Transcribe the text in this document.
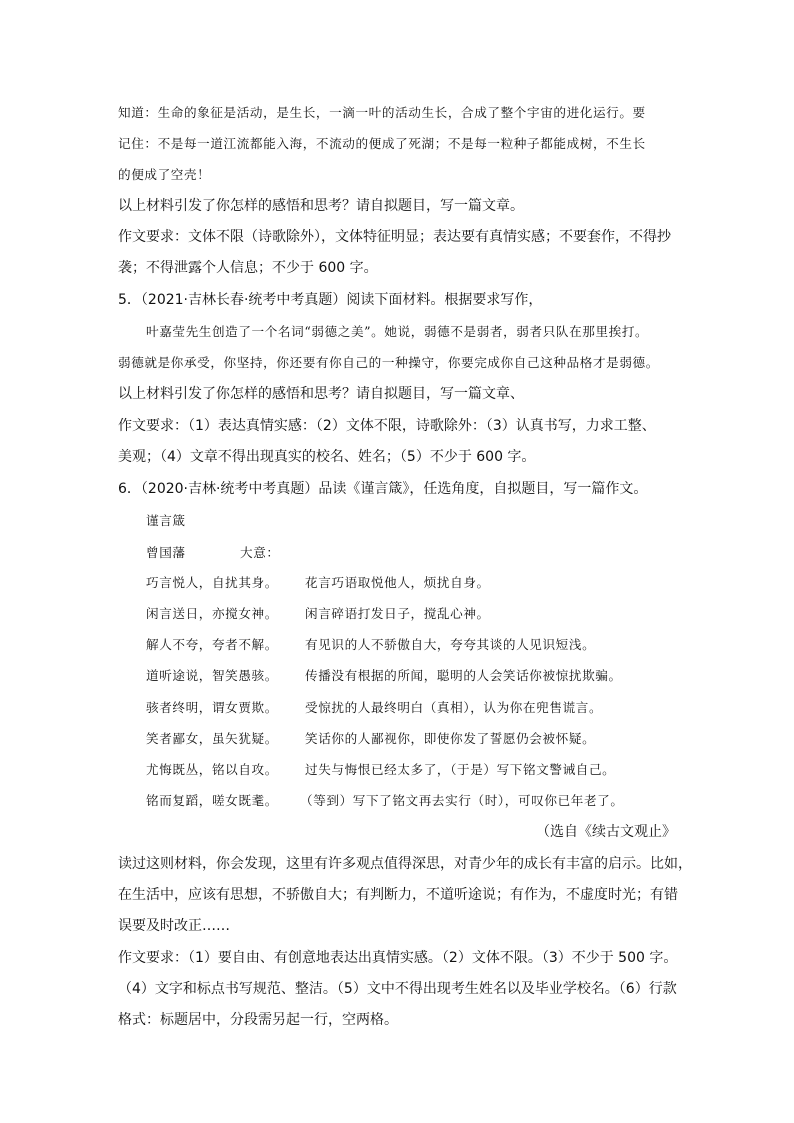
知道：生命的象征是活动，是生长，一滴一叶的活动生长，合成了整个宇宙的进化运行。要
记住：不是每一道江流都能入海，不流动的便成了死湖；不是每一粒种子都能成树，不生长
的便成了空壳！
以上材料引发了你怎样的感悟和思考？请自拟题目，写一篇文章。
作文要求：文体不限（诗歌除外），文体特征明显；表达要有真情实感；不要套作，不得抄
袭；不得泄露个人信息；不少于 600 字。
5．（2021·吉林长春·统考中考真题）阅读下面材料。根据要求写作，
叶嘉莹先生创造了一个名词“弱德之美”。她说，弱德不是弱者，弱者只队在那里挨打。
弱德就是你承受，你坚持，你还要有你自己的一种操守，你要完成你自己这种品格才是弱德。
以上材料引发了你怎样的感悟和思考？请自拟题目，写一篇文章、
作文要求：（1）表达真情实感：（2）文体不限，诗歌除外：（3）认真书写，力求工整、
美观；（4）文章不得出现真实的校名、姓名；（5）不少于 600 字。
6．（2020·吉林·统考中考真题）品读《谨言箴》，任选角度，自拟题目，写一篇作文。
谨言箴
曾国藩	大意：
巧言悦人，自扰其身。 花言巧语取悦他人，烦扰自身。
闲言送日，亦搅女神。 闲言碎语打发日子，搅乱心神。
解人不夸，夸者不解。 有见识的人不骄傲自大，夸夸其谈的人见识短浅。
道听途说，智笑愚骇。 传播没有根据的所闻，聪明的人会笑话你被惊扰欺骗。
骇者终明，谓女贾欺。 受惊扰的人最终明白（真相），认为你在兜售谎言。
笑者鄙女，虽矢犹疑。 笑话你的人鄙视你，即使你发了誓愿仍会被怀疑。
尤悔既丛，铭以自攻。 过失与悔恨已经太多了，（于是）写下铭文警诫自己。
铭而复蹈，嗟女既耄。 （等到）写下了铭文再去实行（时），可叹你已年老了。
（选自《续古文观止》
读过这则材料，你会发现，这里有许多观点值得深思，对青少年的成长有丰富的启示。比如，
在生活中，应该有思想，不骄傲自大；有判断力，不道听途说；有作为，不虚度时光；有错
误要及时改正……
作文要求：（1）要自由、有创意地表达出真情实感。（2）文体不限。（3）不少于 500 字。
（4）文字和标点书写规范、整洁。（5）文中不得出现考生姓名以及毕业学校名。（6）行款
格式：标题居中，分段需另起一行，空两格。
